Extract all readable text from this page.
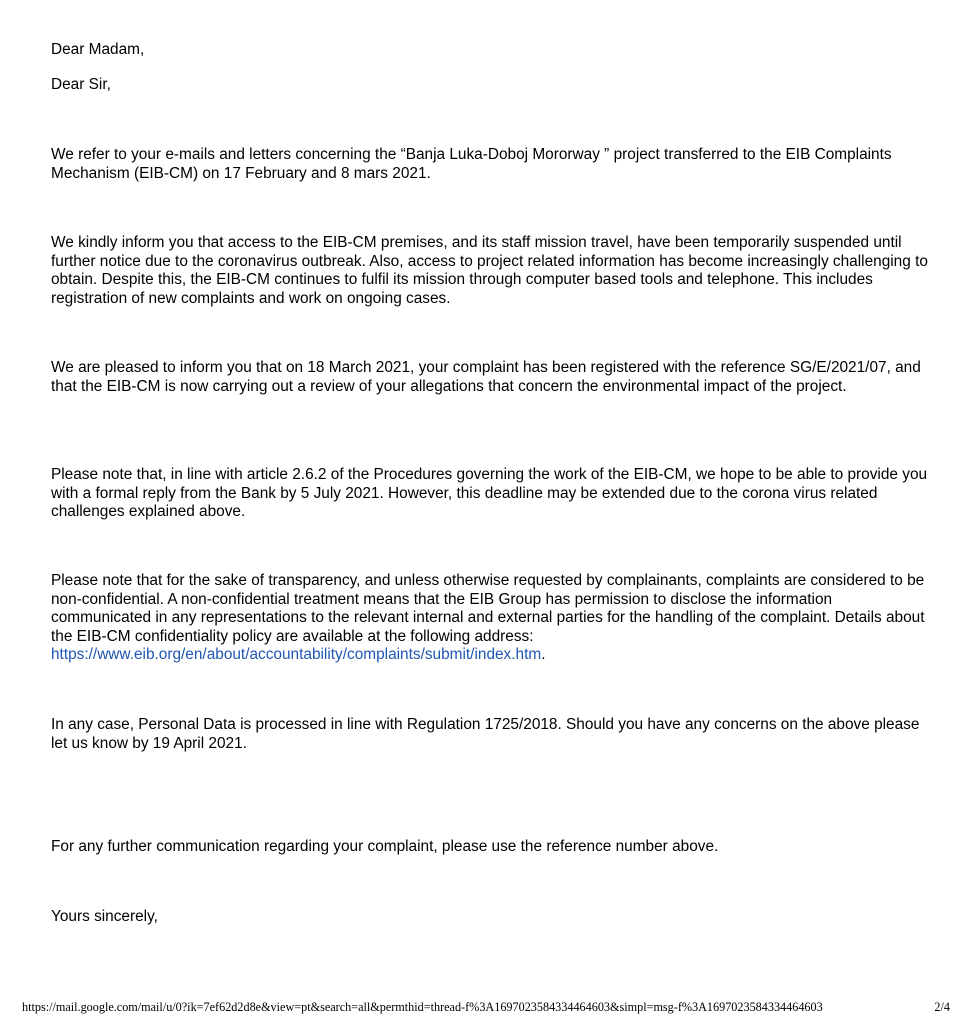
Dear Madam,

Dear Sir,

We refer to your e-mails and letters concerning the “Banja Luka-Doboj Mororway ” project transferred to the EIB Complaints Mechanism (EIB-CM) on 17 February and 8 mars 2021.

We kindly inform you that access to the EIB-CM premises, and its staff mission travel, have been temporarily suspended until further notice due to the coronavirus outbreak. Also, access to project related information has become increasingly challenging to obtain. Despite this, the EIB-CM continues to fulfil its mission through computer based tools and telephone. This includes registration of new complaints and work on ongoing cases.

We are pleased to inform you that on 18 March 2021, your complaint has been registered with the reference SG/E/2021/07, and that the EIB-CM is now carrying out a review of your allegations that concern the environmental impact of the project.

Please note that, in line with article 2.6.2 of the Procedures governing the work of the EIB-CM, we hope to be able to provide you with a formal reply from the Bank by 5 July 2021. However, this deadline may be extended due to the corona virus related challenges explained above.

Please note that for the sake of transparency, and unless otherwise requested by complainants, complaints are considered to be non-confidential. A non-confidential treatment means that the EIB Group has permission to disclose the information communicated in any representations to the relevant internal and external parties for the handling of the complaint. Details about the EIB-CM confidentiality policy are available at the following address: https://www.eib.org/en/about/accountability/complaints/submit/index.htm.

In any case, Personal Data is processed in line with Regulation 1725/2018. Should you have any concerns on the above please let us know by 19 April 2021.

For any further communication regarding your complaint, please use the reference number above.

Yours sincerely,

https://mail.google.com/mail/u/0?ik=7ef62d2d8e&view=pt&search=all&permthid=thread-f%3A1697023584334464603&simpl=msg-f%3A1697023584334464603	2/4
